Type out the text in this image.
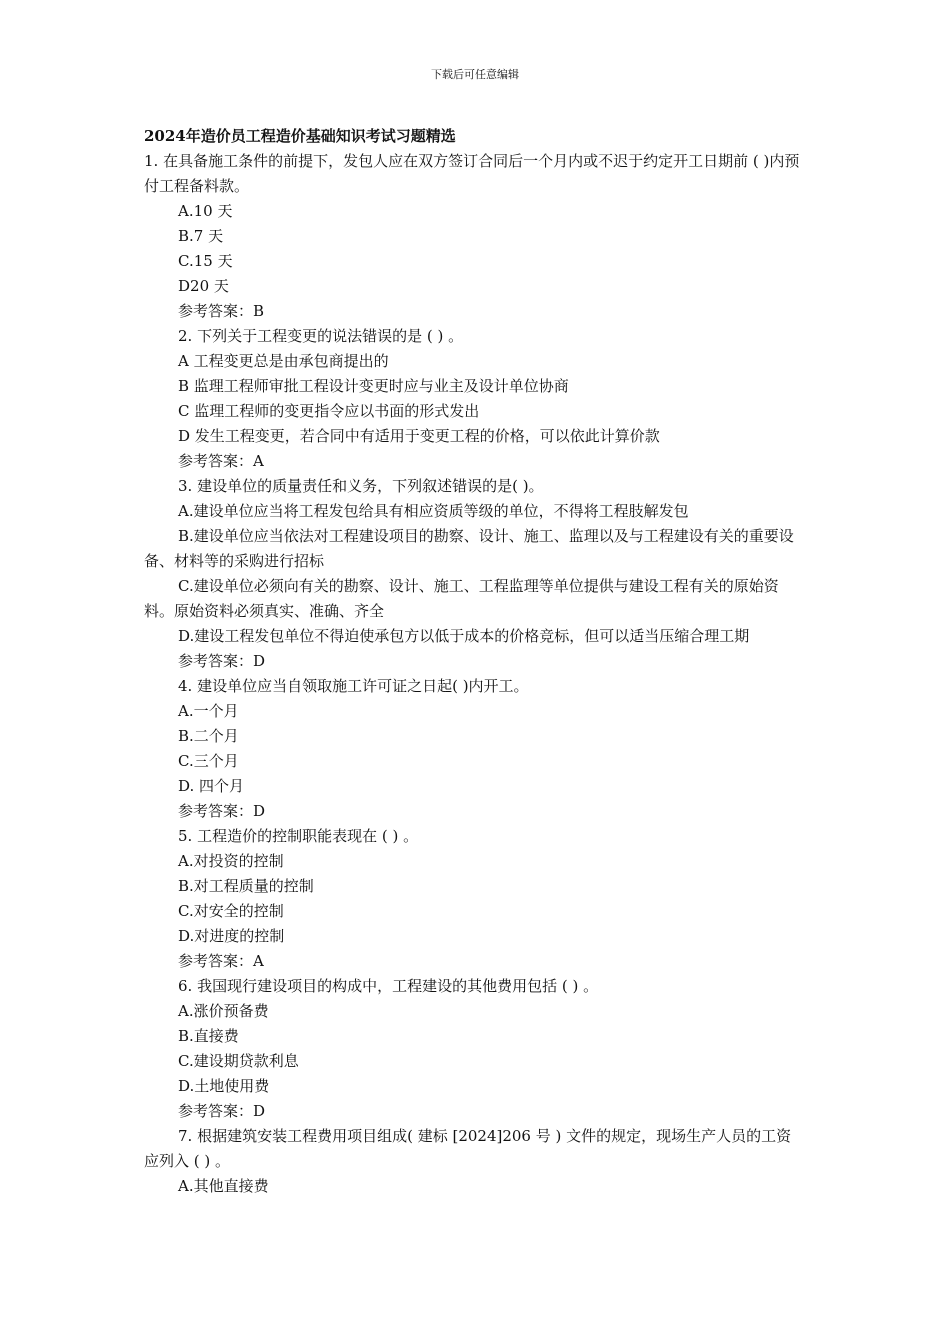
下载后可任意编辑
2024年造价员工程造价基础知识考试习题精选
1. 在具备施工条件的前提下，发包人应在双方签订合同后一个月内或不迟于约定开工日期前 ( )内预付工程备料款。
A.10 天
B.7 天
C.15 天
D20 天
参考答案：B
2. 下列关于工程变更的说法错误的是 ( ) 。
A 工程变更总是由承包商提出的
B 监理工程师审批工程设计变更时应与业主及设计单位协商
C 监理工程师的变更指令应以书面的形式发出
D 发生工程变更，若合同中有适用于变更工程的价格，可以依此计算价款
参考答案：A
3. 建设单位的质量责任和义务，下列叙述错误的是( )。
A.建设单位应当将工程发包给具有相应资质等级的单位，不得将工程肢解发包
B.建设单位应当依法对工程建设项目的勘察、设计、施工、监理以及与工程建设有关的重要设备、材料等的采购进行招标
C.建设单位必须向有关的勘察、设计、施工、工程监理等单位提供与建设工程有关的原始资料。原始资料必须真实、准确、齐全
D.建设工程发包单位不得迫使承包方以低于成本的价格竞标，但可以适当压缩合理工期
参考答案：D
4. 建设单位应当自领取施工许可证之日起( )内开工。
A.一个月
B.二个月
C.三个月
D. 四个月
参考答案：D
5. 工程造价的控制职能表现在 ( ) 。
A.对投资的控制
B.对工程质量的控制
C.对安全的控制
D.对进度的控制
参考答案：A
6. 我国现行建设项目的构成中，工程建设的其他费用包括 ( ) 。
A.涨价预备费
B.直接费
C.建设期贷款利息
D.土地使用费
参考答案：D
7. 根据建筑安装工程费用项目组成( 建标 [2024]206 号 ) 文件的规定，现场生产人员的工资应列入 ( ) 。
A.其他直接费
